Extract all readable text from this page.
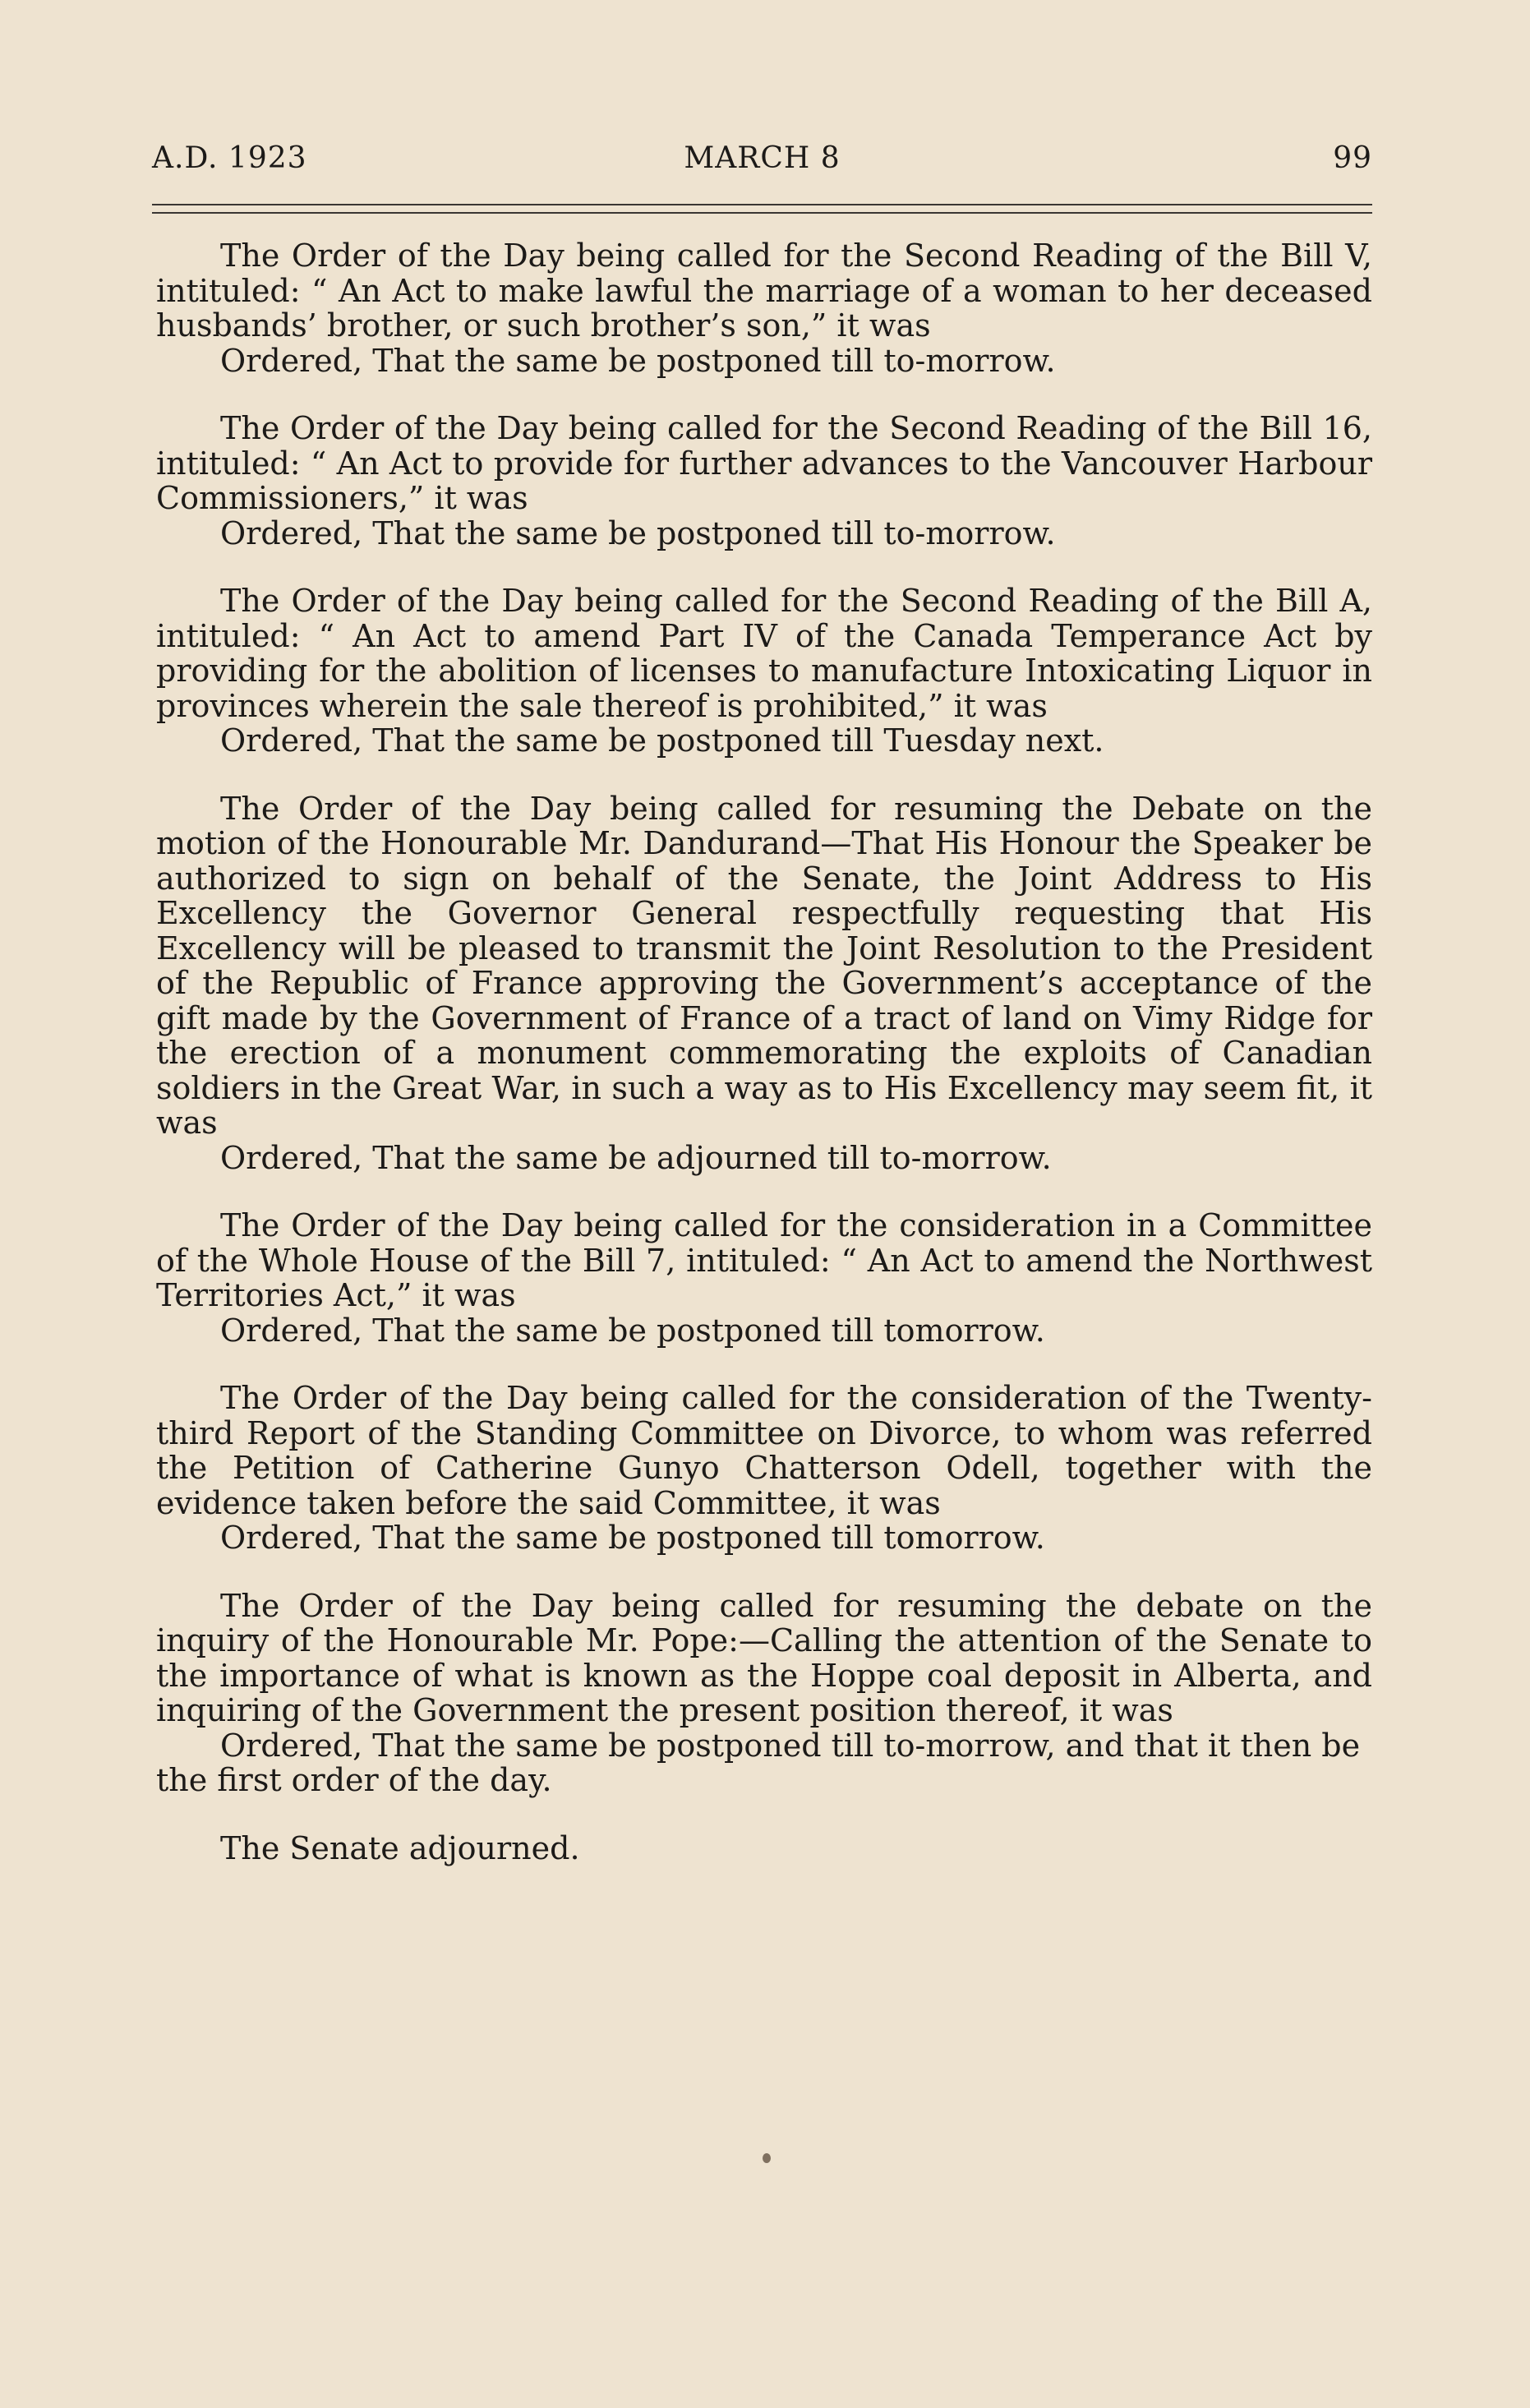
A.D. 1923	MARCH 8	99

The Order of the Day being called for the Second Reading of the Bill V, intituled: “ An Act to make lawful the marriage of a woman to her deceased husbands’ brother, or such brother’s son,” it was

Ordered, That the same be postponed till to-morrow.

The Order of the Day being called for the Second Reading of the Bill 16, intituled: “ An Act to provide for further advances to the Vancouver Harbour Commissioners,” it was

Ordered, That the same be postponed till to-morrow.

The Order of the Day being called for the Second Reading of the Bill A, intituled: “ An Act to amend Part IV of the Canada Temperance Act by providing for the abolition of licenses to manufacture Intoxicating Liquor in provinces wherein the sale thereof is prohibited,” it was

Ordered, That the same be postponed till Tuesday next.

The Order of the Day being called for resuming the Debate on the motion of the Honourable Mr. Dandurand—That His Honour the Speaker be authorized to sign on behalf of the Senate, the Joint Address to His Excellency the Governor General respectfully requesting that His Excellency will be pleased to transmit the Joint Resolution to the President of the Republic of France approving the Government’s acceptance of the gift made by the Government of France of a tract of land on Vimy Ridge for the erection of a monument commemorating the exploits of Canadian soldiers in the Great War, in such a way as to His Excellency may seem fit, it was

Ordered, That the same be adjourned till to-morrow.

The Order of the Day being called for the consideration in a Committee of the Whole House of the Bill 7, intituled: “ An Act to amend the Northwest Territories Act,” it was

Ordered, That the same be postponed till tomorrow.

The Order of the Day being called for the consideration of the Twenty-third Report of the Standing Committee on Divorce, to whom was referred the Petition of Catherine Gunyo Chatterson Odell, together with the evidence taken before the said Committee, it was

Ordered, That the same be postponed till tomorrow.

The Order of the Day being called for resuming the debate on the inquiry of the Honourable Mr. Pope:—Calling the attention of the Senate to the importance of what is known as the Hoppe coal deposit in Alberta, and inquiring of the Government the present position thereof, it was

Ordered, That the same be postponed till to-morrow, and that it then be the first order of the day.

The Senate adjourned.
